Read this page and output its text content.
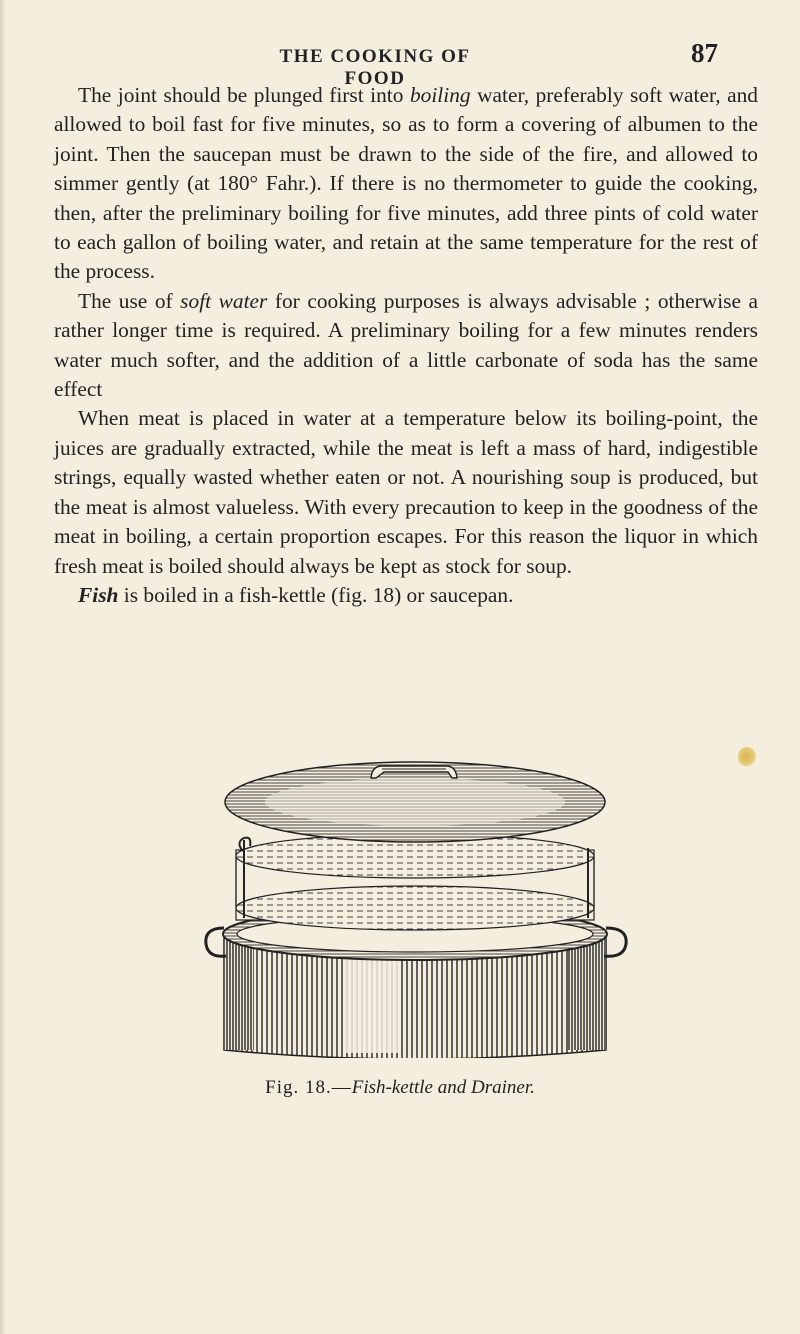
THE COOKING OF FOOD
87

The joint should be plunged first into boiling water, preferably soft water, and allowed to boil fast for five minutes, so as to form a covering of albumen to the joint. Then the saucepan must be drawn to the side of the fire, and allowed to simmer gently (at 180° Fahr.). If there is no thermometer to guide the cooking, then, after the preliminary boiling for five minutes, add three pints of cold water to each gallon of boiling water, and retain at the same temperature for the rest of the process.

The use of soft water for cooking purposes is always advisable ; otherwise a rather longer time is required. A preliminary boiling for a few minutes renders water much softer, and the addition of a little carbonate of soda has the same effect

When meat is placed in water at a temperature below its boiling-point, the juices are gradually extracted, while the meat is left a mass of hard, indigestible strings, equally wasted whether eaten or not. A nourishing soup is produced, but the meat is almost valueless. With every precaution to keep in the goodness of the meat in boiling, a certain proportion escapes. For this reason the liquor in which fresh meat is boiled should always be kept as stock for soup.

Fish is boiled in a fish-kettle (fig. 18) or saucepan.

Fig. 18.—Fish-kettle and Drainer.
